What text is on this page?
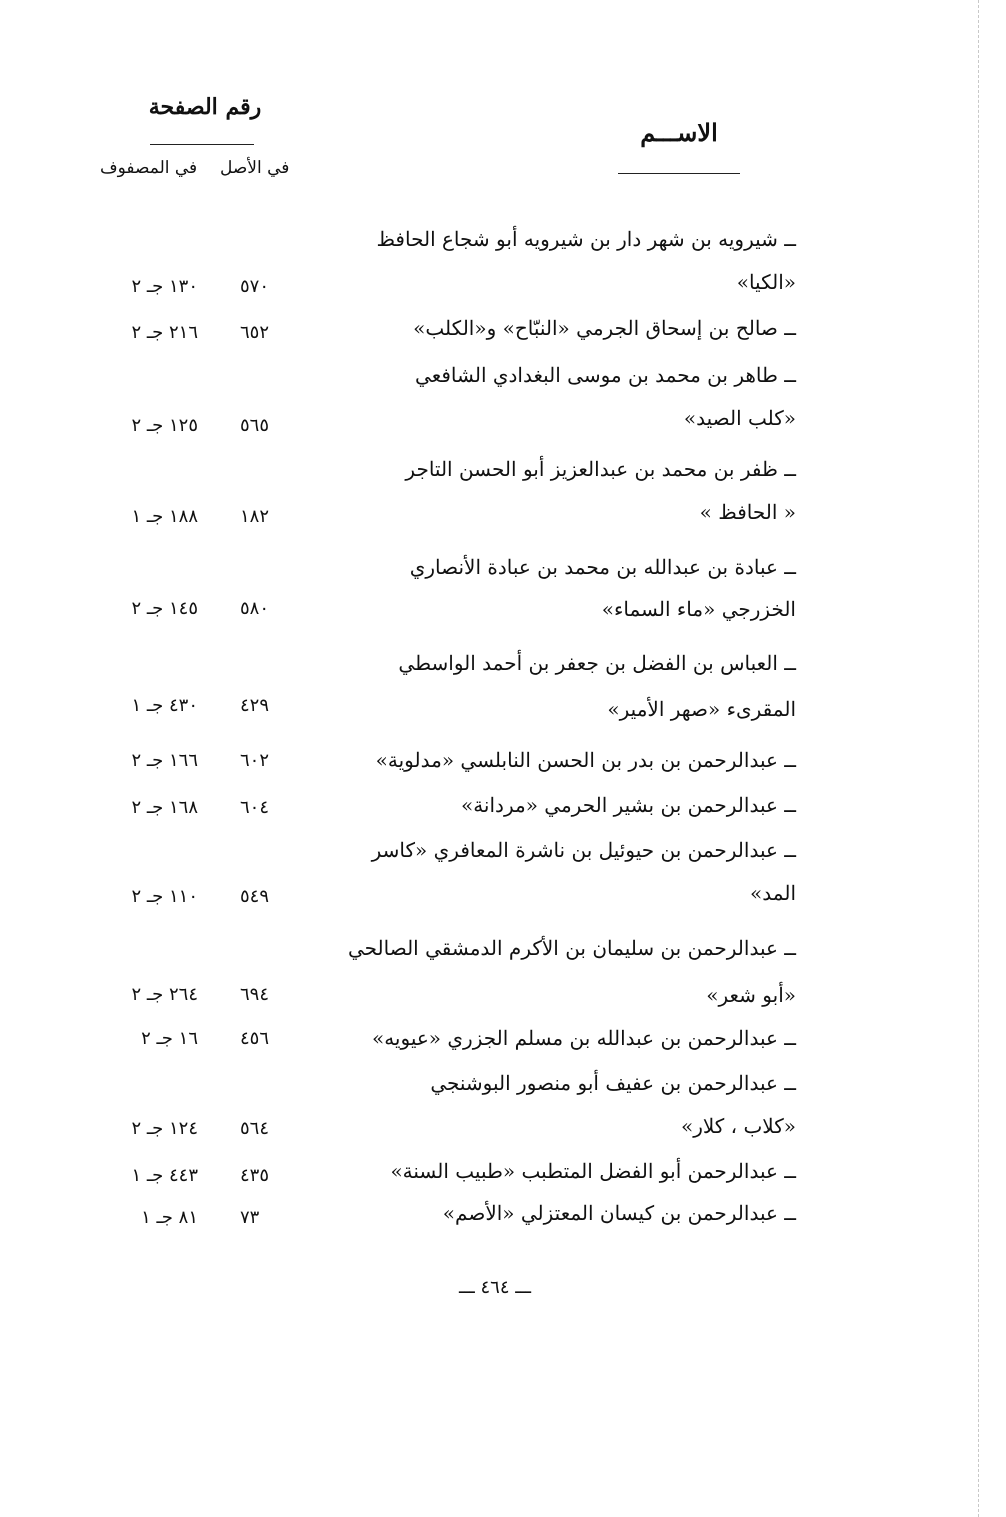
رقم الصفحة
في الأصل
في المصفوف
الاســـم
ــ شيرويه بن شهر دار بن شيرويه أبو شجاع الحافظ
«الكيا»
٥٧٠
١٣٠ جـ ٢
ــ صالح بن إسحاق الجرمي «النبّاح» و«الكلب»
٦٥٢
٢١٦ جـ ٢
ــ طاهر بن محمد بن موسى البغدادي الشافعي
«كلب الصيد»
٥٦٥
١٢٥ جـ ٢
ــ ظفر بن محمد بن عبدالعزيز أبو الحسن التاجر
« الحافظ »
١٨٢
١٨٨ جـ ١
ــ عبادة بن عبدالله بن محمد بن عبادة الأنصاري
الخزرجي «ماء السماء»
٥٨٠
١٤٥ جـ ٢
ــ العباس بن الفضل بن جعفر بن أحمد الواسطي
المقرىء «صهر الأمير»
٤٢٩
٤٣٠ جـ ١
ــ عبدالرحمن بن بدر بن الحسن النابلسي «مدلوية»
٦٠٢
١٦٦ جـ ٢
ــ عبدالرحمن بن بشير الحرمي «مردانة»
٦٠٤
١٦٨ جـ ٢
ــ عبدالرحمن بن حيوئيل بن ناشرة المعافري «كاسر
المد»
٥٤٩
١١٠ جـ ٢
ــ عبدالرحمن بن سليمان بن الأكرم الدمشقي الصالحي
«أبو شعر»
٦٩٤
٢٦٤ جـ ٢
ــ عبدالرحمن بن عبدالله بن مسلم الجزري «عيويه»
٤٥٦
١٦ جـ ٢
ــ عبدالرحمن بن عفيف أبو منصور البوشنجي
«كلاب ، كلار»
٥٦٤
١٢٤ جـ ٢
ــ عبدالرحمن أبو الفضل المتطبب «طبيب السنة»
٤٣٥
٤٤٣ جـ ١
ــ عبدالرحمن بن كيسان المعتزلي «الأصم»
٧٣
٨١ جـ ١
ـــ ٤٦٤ ـــ
